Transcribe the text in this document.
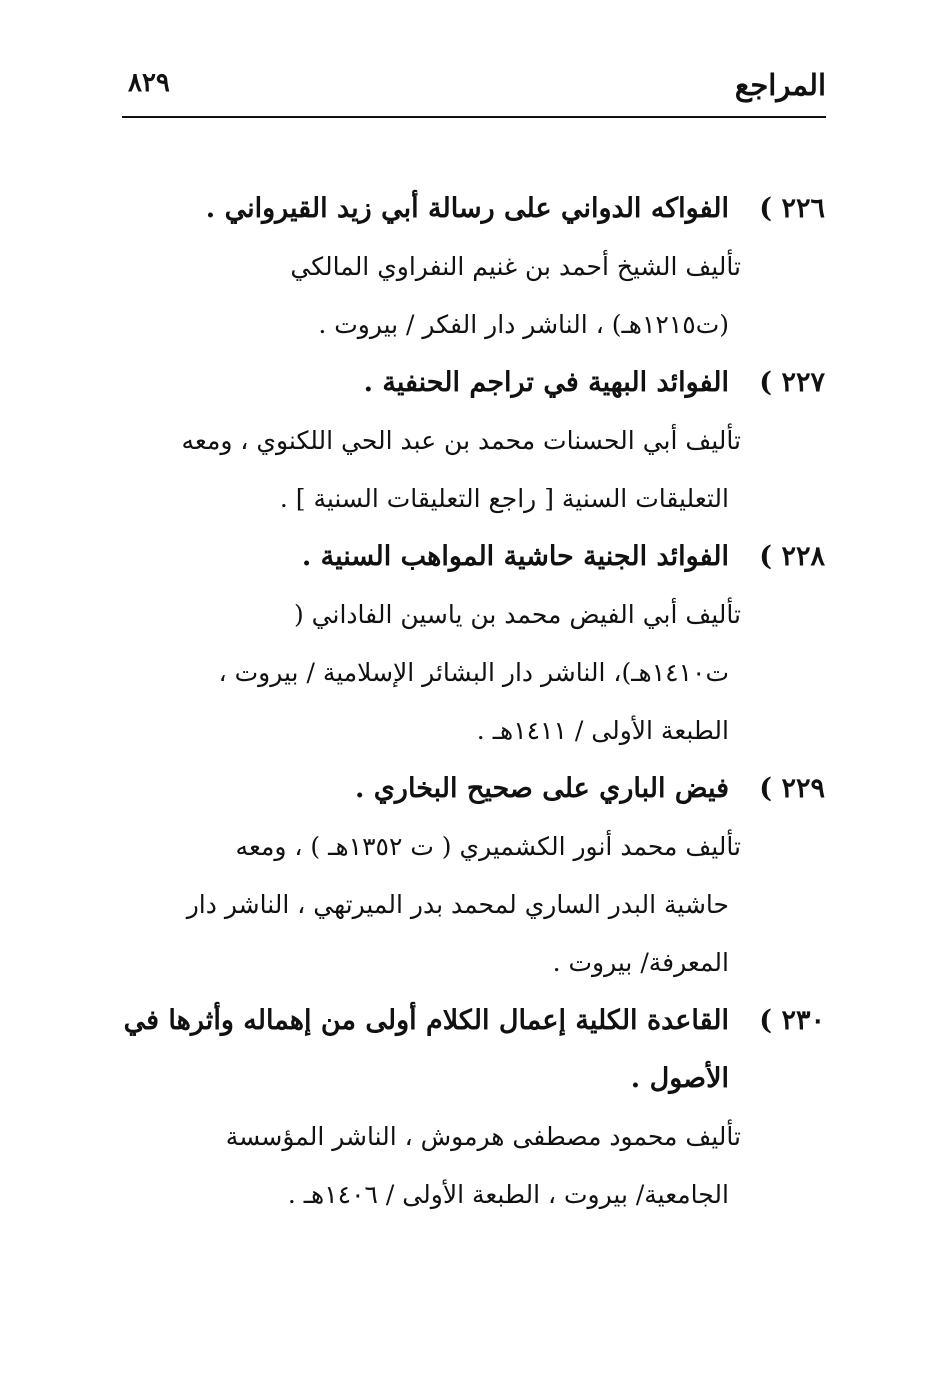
المراجع
٨٢٩
٢٢٦ )
الفواكه الدواني على رسالة أبي زيد القيرواني .
تأليف الشيخ أحمد بن غنيم النفراوي المالكي
(ت١٢١٥هـ) ، الناشر دار الفكر / بيروت .
٢٢٧ )
الفوائد البهية في تراجم الحنفية .
تأليف أبي الحسنات محمد بن عبد الحي اللكنوي ، ومعه
التعليقات السنية [ راجع التعليقات السنية ] .
٢٢٨ )
الفوائد الجنية حاشية المواهب السنية .
تأليف أبي الفيض محمد بن ياسين الفاداني (
ت١٤١٠هـ)، الناشر دار البشائر الإسلامية / بيروت ،
الطبعة الأولى / ١٤١١هـ .
٢٢٩ )
فيض الباري على صحيح البخاري .
تأليف محمد أنور الكشميري ( ت ١٣٥٢هـ ) ، ومعه
حاشية البدر الساري لمحمد بدر الميرتهي ، الناشر دار
المعرفة/ بيروت .
٢٣٠ )
القاعدة الكلية إعمال الكلام أولى من إهماله وأثرها في
الأصول .
تأليف محمود مصطفى هرموش ، الناشر المؤسسة
الجامعية/ بيروت ، الطبعة الأولى / ١٤٠٦هـ .
